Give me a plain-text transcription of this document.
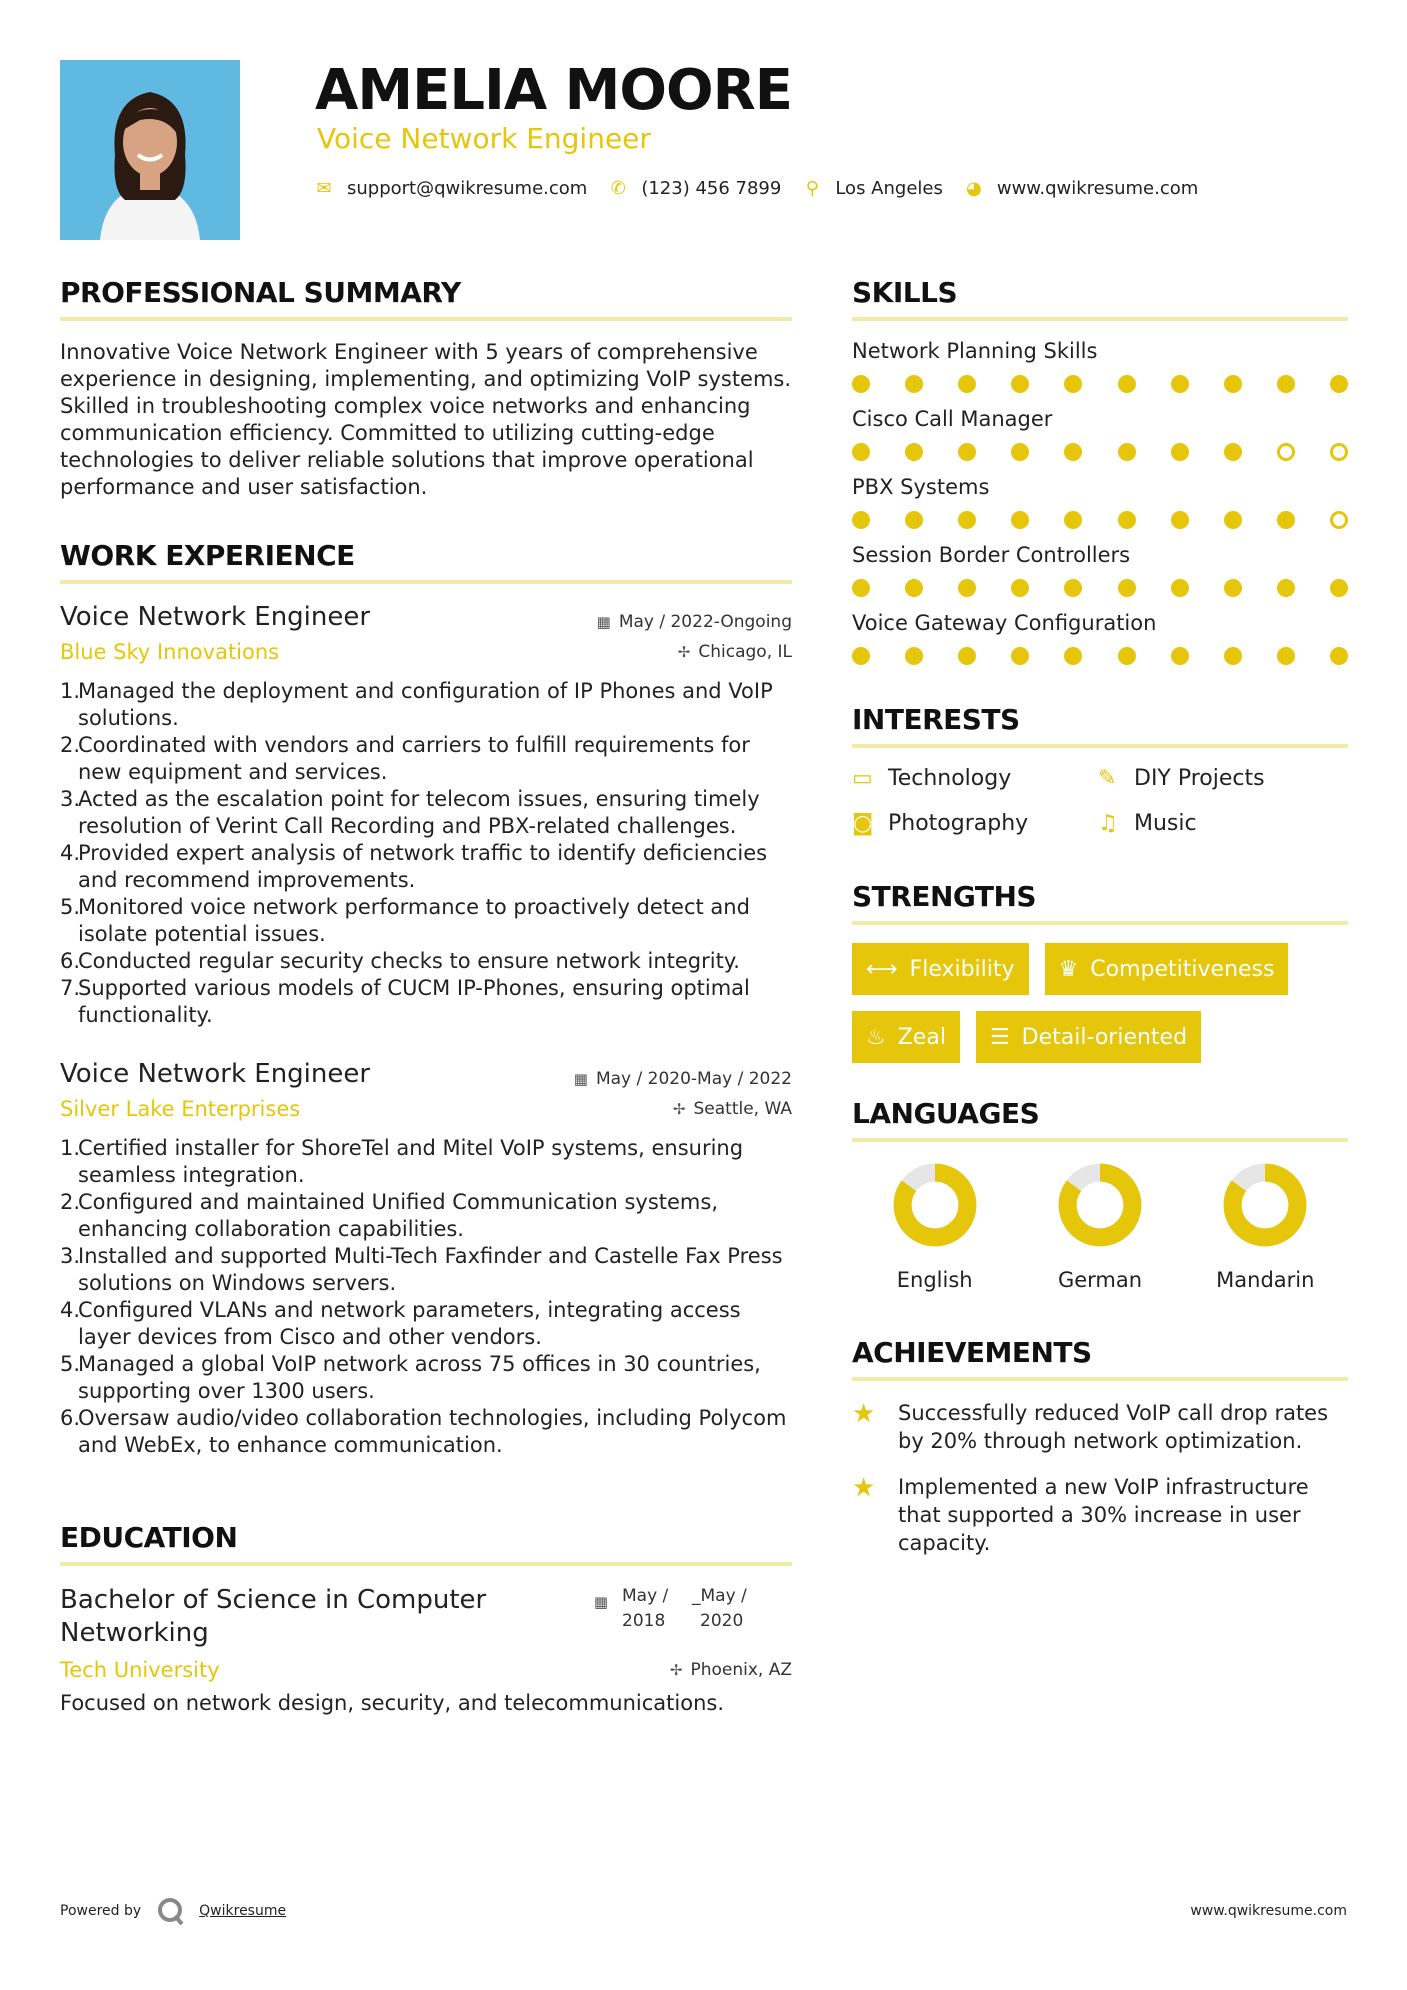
AMELIA MOORE
Voice Network Engineer
✉ support@qwikresume.com ✆ (123) 456 7899 ⚲ Los Angeles ◕ www.qwikresume.com
PROFESSIONAL SUMMARY
Innovative Voice Network Engineer with 5 years of comprehensive experience in designing, implementing, and optimizing VoIP systems. Skilled in troubleshooting complex voice networks and enhancing communication efficiency. Committed to utilizing cutting-edge technologies to deliver reliable solutions that improve operational performance and user satisfaction.
WORK EXPERIENCE
Voice Network Engineer	▦ May / 2022-Ongoing
Blue Sky Innovations	✢ Chicago, IL
1.
Managed the deployment and configuration of IP Phones and VoIP solutions.
2.
Coordinated with vendors and carriers to fulfill requirements for new equipment and services.
3.
Acted as the escalation point for telecom issues, ensuring timely resolution of Verint Call Recording and PBX-related challenges.
4.
Provided expert analysis of network traffic to identify deficiencies and recommend improvements.
5.
Monitored voice network performance to proactively detect and isolate potential issues.
6.
Conducted regular security checks to ensure network integrity.
7.
Supported various models of CUCM IP-Phones, ensuring optimal functionality.
Voice Network Engineer	▦ May / 2020-May / 2022
Silver Lake Enterprises	✢ Seattle, WA
1.
Certified installer for ShoreTel and Mitel VoIP systems, ensuring seamless integration.
2.
Configured and maintained Unified Communication systems, enhancing collaboration capabilities.
3.
Installed and supported Multi-Tech Faxfinder and Castelle Fax Press solutions on Windows servers.
4.
Configured VLANs and network parameters, integrating access layer devices from Cisco and other vendors.
5.
Managed a global VoIP network across 75 offices in 30 countries, supporting over 1300 users.
6.
Oversaw audio/video collaboration technologies, including Polycom and WebEx, to enhance communication.
EDUCATION
Bachelor of Science in Computer Networking
▦ May /
2018
_May /
2020
Tech University	✢ Phoenix, AZ
Focused on network design, security, and telecommunications.
SKILLS
Network Planning Skills
Cisco Call Manager
PBX Systems
Session Border Controllers
Voice Gateway Configuration
INTERESTS
▭ Technology	✎ DIY Projects
◙ Photography	♫ Music
STRENGTHS
⟷ Flexibility ♛ Competitiveness
♨ Zeal ☰ Detail-oriented
LANGUAGES
English	German	Mandarin
ACHIEVEMENTS
★	Successfully reduced VoIP call drop rates by 20% through network optimization.
★	Implemented a new VoIP infrastructure that supported a 30% increase in user capacity.
Powered by	Qwikresume	www.qwikresume.com
